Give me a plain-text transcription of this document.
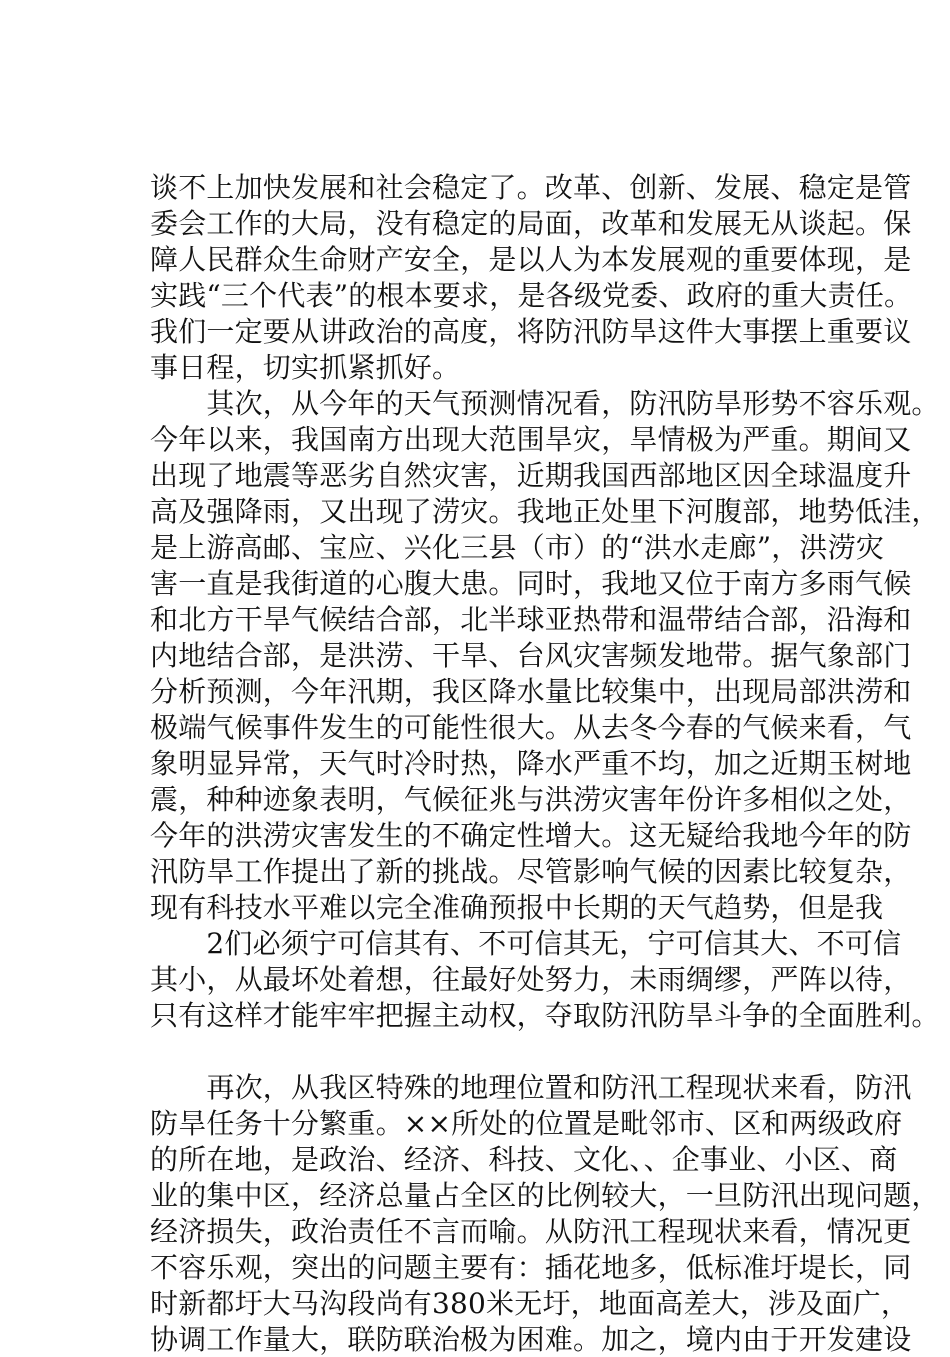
谈不上加快发展和社会稳定了。改革、创新、发展、稳定是管
委会工作的大局，没有稳定的局面，改革和发展无从谈起。保
障人民群众生命财产安全，是以人为本发展观的重要体现，是
实践“三个代表”的根本要求，是各级党委、政府的重大责任。
我们一定要从讲政治的高度，将防汛防旱这件大事摆上重要议
事日程，切实抓紧抓好。
　　其次，从今年的天气预测情况看，防汛防旱形势不容乐观。
今年以来，我国南方出现大范围旱灾，旱情极为严重。期间又
出现了地震等恶劣自然灾害，近期我国西部地区因全球温度升
高及强降雨，又出现了涝灾。我地正处里下河腹部，地势低洼，
是上游高邮、宝应、兴化三县（市）的“洪水走廊”，洪涝灾
害一直是我街道的心腹大患。同时，我地又位于南方多雨气候
和北方干旱气候结合部，北半球亚热带和温带结合部，沿海和
内地结合部，是洪涝、干旱、台风灾害频发地带。据气象部门
分析预测，今年汛期，我区降水量比较集中，出现局部洪涝和
极端气候事件发生的可能性很大。从去冬今春的气候来看，气
象明显异常，天气时冷时热，降水严重不均，加之近期玉树地
震，种种迹象表明，气候征兆与洪涝灾害年份许多相似之处，
今年的洪涝灾害发生的不确定性增大。这无疑给我地今年的防
汛防旱工作提出了新的挑战。尽管影响气候的因素比较复杂，
现有科技水平难以完全准确预报中长期的天气趋势，但是我
　　2们必须宁可信其有、不可信其无，宁可信其大、不可信
其小，从最坏处着想，往最好处努力，未雨绸缪，严阵以待，
只有这样才能牢牢把握主动权，夺取防汛防旱斗争的全面胜利。
　　再次，从我区特殊的地理位置和防汛工程现状来看，防汛
防旱任务十分繁重。××所处的位置是毗邻市、区和两级政府
的所在地，是政治、经济、科技、文化、、企事业、小区、商
业的集中区，经济总量占全区的比例较大，一旦防汛出现问题，
经济损失，政治责任不言而喻。从防汛工程现状来看，情况更
不容乐观，突出的问题主要有：插花地多，低标准圩堤长，同
时新都圩大马沟段尚有380米无圩，地面高差大，涉及面广，
协调工作量大，联防联治极为困难。加之，境内由于开发建设
